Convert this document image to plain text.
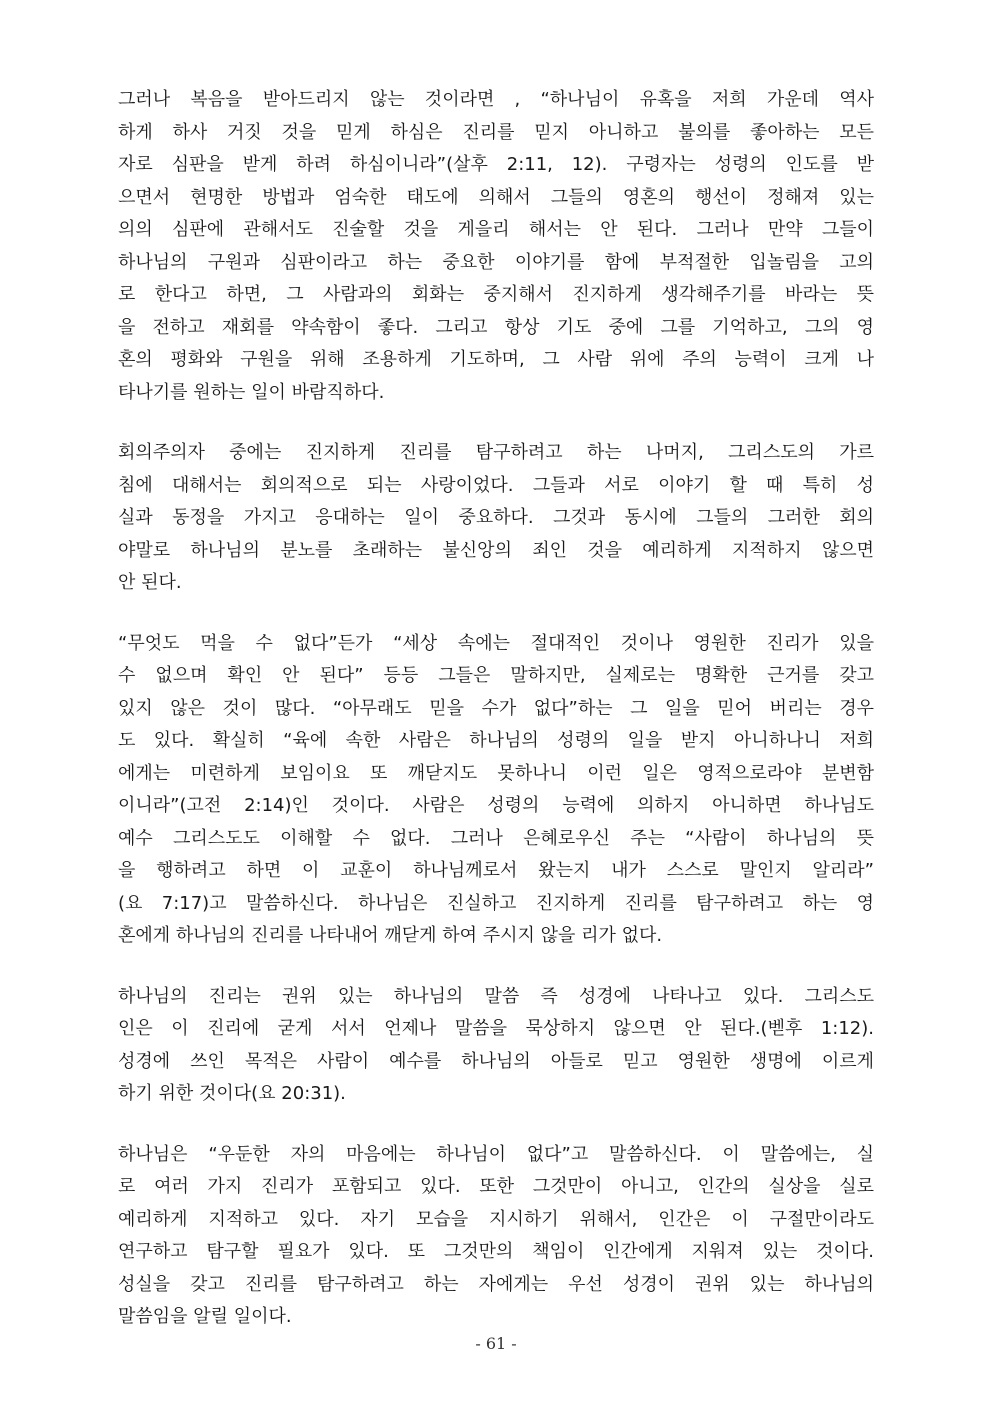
그러나 복음을 받아드리지 않는 것이라면 , “하나님이 유혹을 저희 가운데 역사
하게 하사 거짓 것을 믿게 하심은 진리를 믿지 아니하고 불의를 좋아하는 모든
자로 심판을 받게 하려 하심이니라”(살후 2:11, 12). 구령자는 성령의 인도를 받
으면서 현명한 방법과 엄숙한 태도에 의해서 그들의 영혼의 행선이 정해져 있는
의의 심판에 관해서도 진술할 것을 게을리 해서는 안 된다. 그러나 만약 그들이
하나님의 구원과 심판이라고 하는 중요한 이야기를 함에 부적절한 입놀림을 고의
로 한다고 하면, 그 사람과의 회화는 중지해서 진지하게 생각해주기를 바라는 뜻
을 전하고 재회를 약속함이 좋다. 그리고 항상 기도 중에 그를 기억하고, 그의 영
혼의 평화와 구원을 위해 조용하게 기도하며, 그 사람 위에 주의 능력이 크게 나
타나기를 원하는 일이 바람직하다.
회의주의자 중에는 진지하게 진리를 탐구하려고 하는 나머지, 그리스도의 가르
침에 대해서는 회의적으로 되는 사랑이었다. 그들과 서로 이야기 할 때 특히 성
실과 동정을 가지고 응대하는 일이 중요하다. 그것과 동시에 그들의 그러한 회의
야말로 하나님의 분노를 초래하는 불신앙의 죄인 것을 예리하게 지적하지 않으면
안 된다.
“무엇도 먹을 수 없다”든가 “세상 속에는 절대적인 것이나 영원한 진리가 있을
수 없으며 확인 안 된다” 등등 그들은 말하지만, 실제로는 명확한 근거를 갖고
있지 않은 것이 많다. “아무래도 믿을 수가 없다”하는 그 일을 믿어 버리는 경우
도 있다. 확실히 “육에 속한 사람은 하나님의 성령의 일을 받지 아니하나니 저희
에게는 미련하게 보임이요 또 깨닫지도 못하나니 이런 일은 영적으로라야 분변함
이니라”(고전 2:14)인 것이다. 사람은 성령의 능력에 의하지 아니하면 하나님도
예수 그리스도도 이해할 수 없다. 그러나 은혜로우신 주는 “사람이 하나님의 뜻
을 행하려고 하면 이 교훈이 하나님께로서 왔는지 내가 스스로 말인지 알리라”
(요 7:17)고 말씀하신다. 하나님은 진실하고 진지하게 진리를 탐구하려고 하는 영
혼에게 하나님의 진리를 나타내어 깨닫게 하여 주시지 않을 리가 없다.
하나님의 진리는 권위 있는 하나님의 말씀 즉 성경에 나타나고 있다. 그리스도
인은 이 진리에 굳게 서서 언제나 말씀을 묵상하지 않으면 안 된다.(벧후 1:12).
성경에 쓰인 목적은 사람이 예수를 하나님의 아들로 믿고 영원한 생명에 이르게
하기 위한 것이다(요 20:31).
하나님은 “우둔한 자의 마음에는 하나님이 없다”고 말씀하신다. 이 말씀에는, 실
로 여러 가지 진리가 포함되고 있다. 또한 그것만이 아니고, 인간의 실상을 실로
예리하게 지적하고 있다. 자기 모습을 지시하기 위해서, 인간은 이 구절만이라도
연구하고 탐구할 필요가 있다. 또 그것만의 책임이 인간에게 지워져 있는 것이다.
성실을 갖고 진리를 탐구하려고 하는 자에게는 우선 성경이 권위 있는 하나님의
말씀임을 알릴 일이다.
- 61 -
